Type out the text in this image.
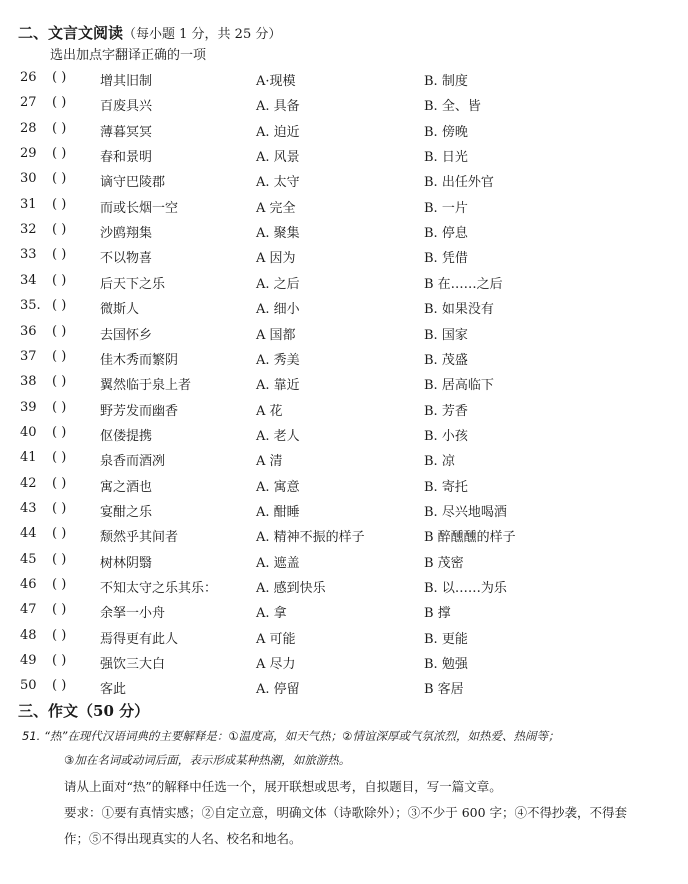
二、文言文阅读（每小题 1 分，共 25 分）
选出加点字翻译正确的一项
26	( )	增其旧制	A·现模	B. 制度
27	( )	百废具兴	A. 具备	B. 全、皆
28	( )	薄暮冥冥	A. 迫近	B. 傍晚
29	( )	春和景明	A. 风景	B. 日光
30	( )	谪守巴陵郡	A. 太守	B. 出任外官
31	( )	而或长烟一空	A 完全	B. 一片
32	( )	沙鸥翔集	A. 聚集	B. 停息
33	( )	不以物喜	A 因为	B. 凭借
34	( )	后天下之乐	A. 之后	B 在……之后
35. ( )	微斯人	A. 细小	B. 如果没有
36	( )	去国怀乡	A 国都	B. 国家
37	( )	佳木秀而繁阴	A. 秀美	B. 茂盛
38	( )	翼然临于泉上者	A. 靠近	B. 居高临下
39	( )	野芳发而幽香	A 花	B. 芳香
40	( )	伛偻提携	A. 老人	B. 小孩
41	( )	泉香而酒冽	A 清	B. 凉
42	( )	寓之酒也	A. 寓意	B. 寄托
43	( )	宴酣之乐	A. 酣睡	B. 尽兴地喝酒
44	( )	颓然乎其间者	A. 精神不振的样子	B 醉醺醺的样子
45	( )	树林阴翳	A. 遮盖	B 茂密
46	( )	不知太守之乐其乐：	A. 感到快乐	B. 以……为乐
47	( )	余拏一小舟	A. 拿	B 撑
48	( )	焉得更有此人	A 可能	B. 更能
49	( )	强饮三大白	A 尽力	B. 勉强
50	( )	客此	A. 停留	B 客居
三、作文（50 分）
51. “热”在现代汉语词典的主要解释是：①温度高，如天气热；②情谊深厚或气氛浓烈，如热爱、热闹等；
③加在名词或动词后面，表示形成某种热潮，如旅游热。
请从上面对“热”的解释中任选一个，展开联想或思考，自拟题目，写一篇文章。
要求：①要有真情实感；②自定立意，明确文体（诗歌除外）；③不少于 600 字；④不得抄袭，不得套
作；⑤不得出现真实的人名、校名和地名。
